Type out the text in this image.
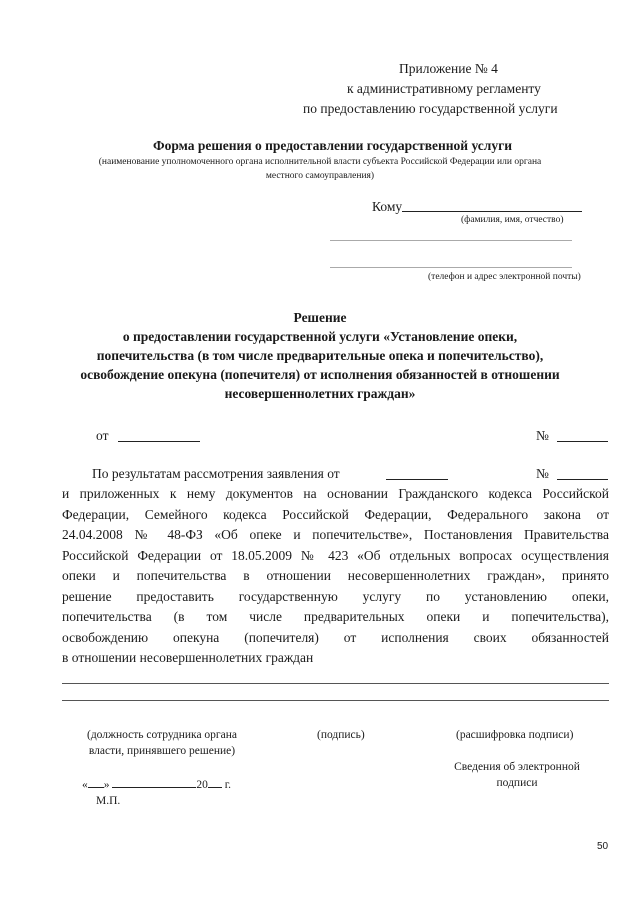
Приложение № 4
к административному регламенту
по предоставлению государственной услуги
Форма решения о предоставлении государственной услуги
(наименование уполномоченного органа исполнительной власти субъекта Российской Федерации или органа
местного самоуправления)
Кому
(фамилия, имя, отчество)
(телефон и адрес электронной почты)
Решение
о предоставлении государственной услуги «Установление опеки,
попечительства (в том числе предварительные опека и попечительство),
освобождение опекуна (попечителя) от исполнения обязанностей в отношении
несовершеннолетних граждан»
от	№
По результатам рассмотрения заявления от	№
и приложенных к нему документов на основании Гражданского кодекса Российской
Федерации, Семейного кодекса Российской Федерации, Федерального закона от
24.04.2008 № 48-ФЗ «Об опеке и попечительстве», Постановления Правительства
Российской Федерации от 18.05.2009 № 423 «Об отдельных вопросах осуществления
опеки и попечительства в отношении несовершеннолетних граждан», принято
решение предоставить государственную услугу по установлению опеки,
попечительства (в том числе предварительных опеки и попечительства),
освобождению опекуна (попечителя) от исполнения своих обязанностей
в отношении несовершеннолетних граждан
(должность сотрудника органа
власти, принявшего решение)
(подпись)	(расшифровка подписи)
Сведения об электронной
подписи
« »	20 г.
М.П.
50
